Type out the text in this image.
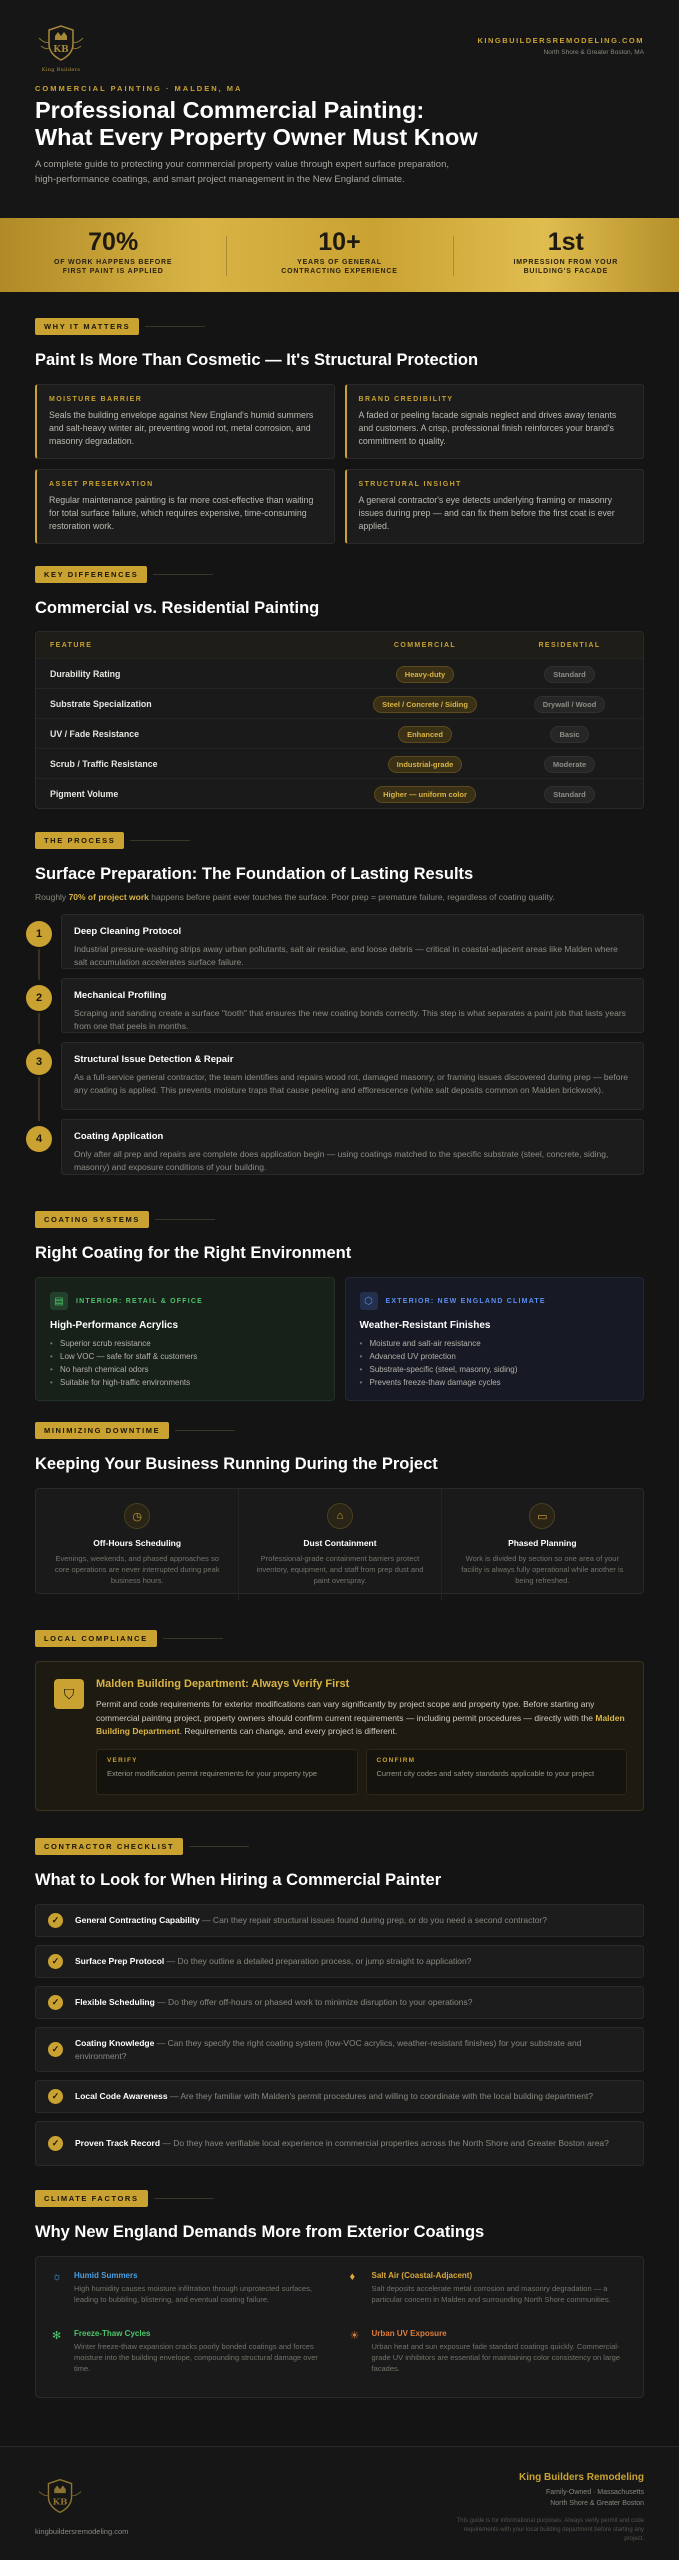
KB
King Builders
KINGBUILDERSREMODELING.COM
North Shore & Greater Boston, MA
COMMERCIAL PAINTING · MALDEN, MA
Professional Commercial Painting:
What Every Property Owner Must Know

A complete guide to protecting your commercial property value through expert surface preparation, high-performance coatings, and smart project management in the New England climate.

70%
OF WORK HAPPENS BEFORE FIRST PAINT IS APPLIED
10+
YEARS OF GENERAL CONTRACTING EXPERIENCE
1st
IMPRESSION FROM YOUR BUILDING'S FACADE
WHY IT MATTERS
Paint Is More Than Cosmetic — It's Structural Protection
MOISTURE BARRIER
Seals the building envelope against New England's humid summers and salt-heavy winter air, preventing wood rot, metal corrosion, and masonry degradation.
BRAND CREDIBILITY
A faded or peeling facade signals neglect and drives away tenants and customers. A crisp, professional finish reinforces your brand's commitment to quality.
ASSET PRESERVATION
Regular maintenance painting is far more cost-effective than waiting for total surface failure, which requires expensive, time-consuming restoration work.
STRUCTURAL INSIGHT
A general contractor's eye detects underlying framing or masonry issues during prep — and can fix them before the first coat is ever applied.
KEY DIFFERENCES
Commercial vs. Residential Painting
FEATURE	COMMERCIAL	RESIDENTIAL
Durability Rating	Heavy-duty	Standard
Substrate Specialization	Steel / Concrete / Siding	Drywall / Wood
UV / Fade Resistance	Enhanced	Basic
Scrub / Traffic Resistance	Industrial-grade	Moderate
Pigment Volume	Higher — uniform color	Standard
THE PROCESS
Surface Preparation: The Foundation of Lasting Results

Roughly 70% of project work happens before paint ever touches the surface. Poor prep = premature failure, regardless of coating quality.

1	Deep Cleaning Protocol
Industrial pressure-washing strips away urban pollutants, salt air residue, and loose debris — critical in coastal-adjacent areas like Malden where salt accumulation accelerates surface failure.
2	Mechanical Profiling
Scraping and sanding create a surface "tooth" that ensures the new coating bonds correctly. This step is what separates a paint job that lasts years from one that peels in months.
3	Structural Issue Detection & Repair
As a full-service general contractor, the team identifies and repairs wood rot, damaged masonry, or framing issues discovered during prep — before any coating is applied. This prevents moisture traps that cause peeling and efflorescence (white salt deposits common on Malden brickwork).
4	Coating Application
Only after all prep and repairs are complete does application begin — using coatings matched to the specific substrate (steel, concrete, siding, masonry) and exposure conditions of your building.
COATING SYSTEMS
Right Coating for the Right Environment
▤	INTERIOR: RETAIL & OFFICE
High-Performance Acrylics
• Superior scrub resistance
• Low VOC — safe for staff & customers
• No harsh chemical odors
• Suitable for high-traffic environments
⬡	EXTERIOR: NEW ENGLAND CLIMATE
Weather-Resistant Finishes
• Moisture and salt-air resistance
• Advanced UV protection
• Substrate-specific (steel, masonry, siding)
• Prevents freeze-thaw damage cycles
MINIMIZING DOWNTIME
Keeping Your Business Running During the Project
◷
Off-Hours Scheduling
Evenings, weekends, and phased approaches so core operations are never interrupted during peak business hours.
⌂
Dust Containment
Professional-grade containment barriers protect inventory, equipment, and staff from prep dust and paint overspray.
▭
Phased Planning
Work is divided by section so one area of your facility is always fully operational while another is being refreshed.
LOCAL COMPLIANCE
⛉
Malden Building Department: Always Verify First

Permit and code requirements for exterior modifications can vary significantly by project scope and property type. Before starting any commercial painting project, property owners should confirm current requirements — including permit procedures — directly with the Malden Building Department. Requirements can change, and every project is different.

VERIFY
Exterior modification permit requirements for your property type
CONFIRM
Current city codes and safety standards applicable to your project
CONTRACTOR CHECKLIST
What to Look for When Hiring a Commercial Painter
✓	General Contracting Capability — Can they repair structural issues found during prep, or do you need a second contractor?
✓	Surface Prep Protocol — Do they outline a detailed preparation process, or jump straight to application?
✓	Flexible Scheduling — Do they offer off-hours or phased work to minimize disruption to your operations?
✓
Coating Knowledge — Can they specify the right coating system (low-VOC acrylics, weather-resistant finishes) for your substrate and environment?
✓	Local Code Awareness — Are they familiar with Malden's permit procedures and willing to coordinate with the local building department?
✓	Proven Track Record — Do they have verifiable local experience in commercial properties across the North Shore and Greater Boston area?
CLIMATE FACTORS
Why New England Demands More from Exterior Coatings
☼ Humid Summers
High humidity causes moisture infiltration through unprotected surfaces, leading to bubbling, blistering, and eventual coating failure.
♦ Salt Air (Coastal-Adjacent)
Salt deposits accelerate metal corrosion and masonry degradation — a particular concern in Malden and surrounding North Shore communities.
✻ Freeze-Thaw Cycles
Winter freeze-thaw expansion cracks poorly bonded coatings and forces moisture into the building envelope, compounding structural damage over time.
☀ Urban UV Exposure
Urban heat and sun exposure fade standard coatings quickly. Commercial-grade UV inhibitors are essential for maintaining color consistency on large facades.
KB
kingbuildersremodeling.com
King Builders Remodeling
Family-Owned · Massachusetts
North Shore & Greater Boston
This guide is for informational purposes. Always verify permit and code requirements with your local building department before starting any project.
